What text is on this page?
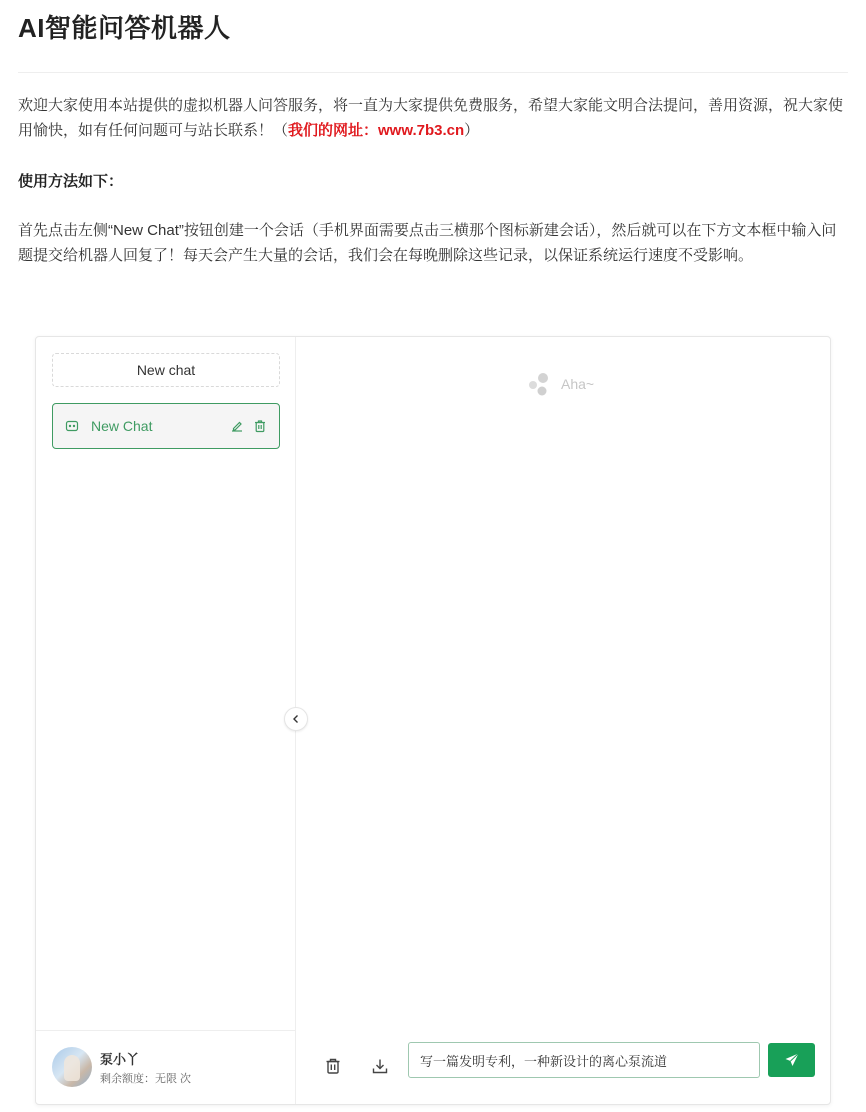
AI智能问答机器人

欢迎大家使用本站提供的虚拟机器人问答服务，将一直为大家提供免费服务，希望大家能文明合法提问，善用资源，祝大家使用愉快，如有任何问题可与站长联系！（我们的网址：www.7b3.cn）

使用方法如下：

首先点击左侧“New Chat”按钮创建一个会话（手机界面需要点击三横那个图标新建会话），然后就可以在下方文本框中输入问题提交给机器人回复了！每天会产生大量的会话，我们会在每晚删除这些记录，以保证系统运行速度不受影响。

New chat
New Chat
泵小丫
剩余额度：无限 次
Aha~
写一篇发明专利，一种新设计的离心泵流道
